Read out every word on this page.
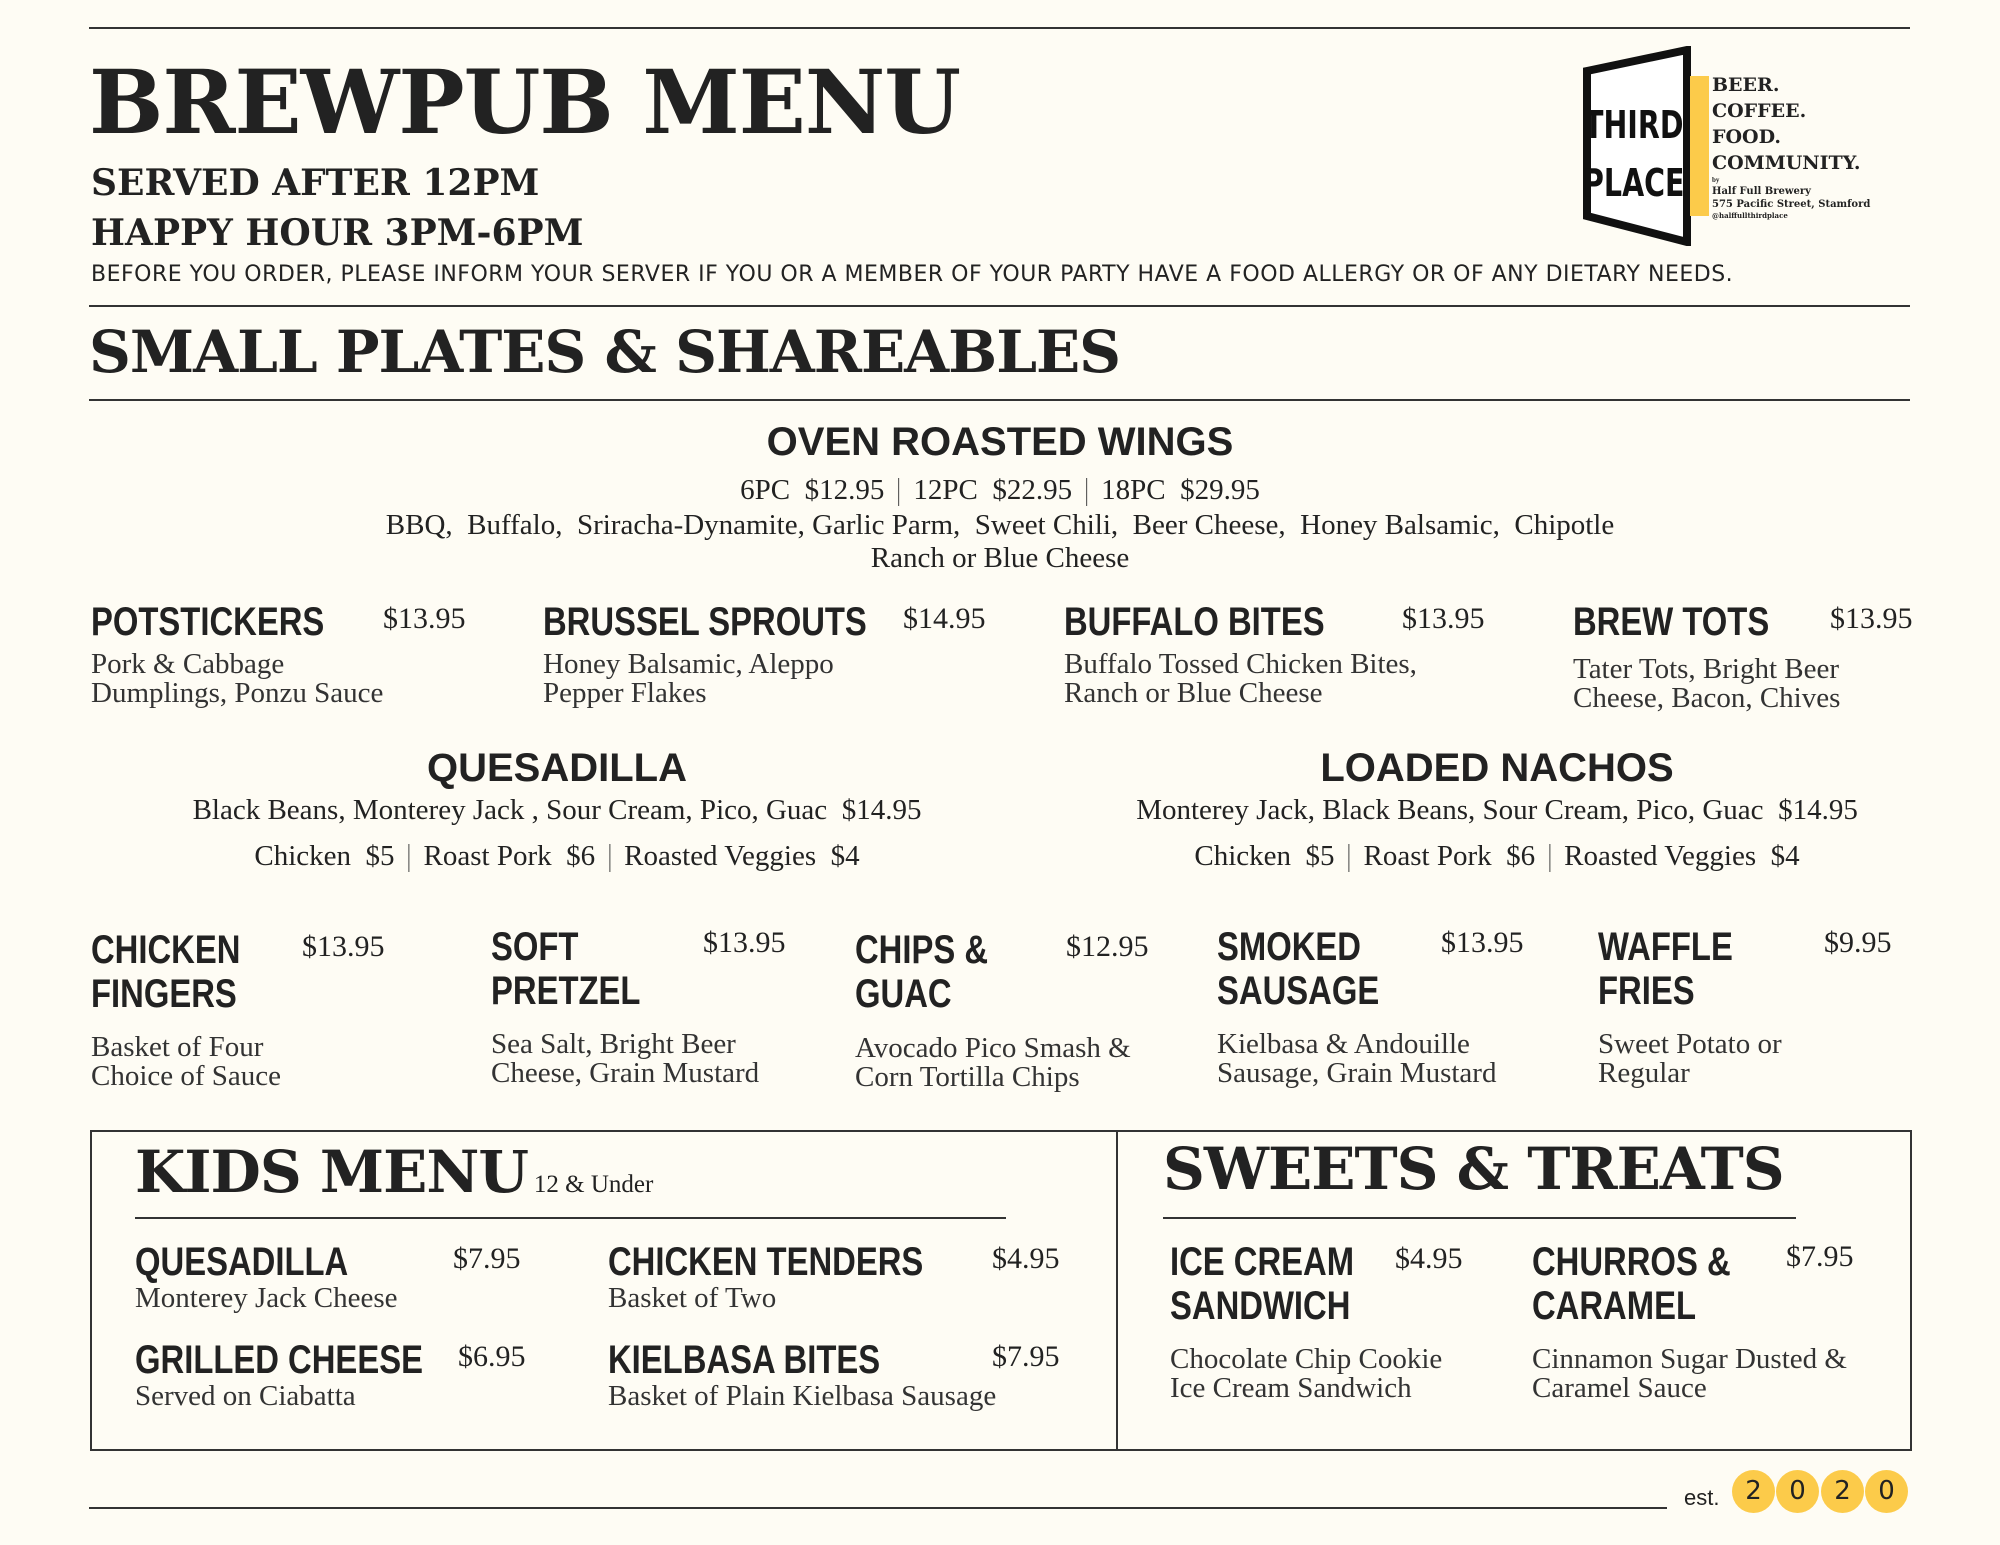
BREWPUB MENU
SERVED AFTER 12PM
HAPPY HOUR 3PM-6PM
BEFORE YOU ORDER, PLEASE INFORM YOUR SERVER IF YOU OR A MEMBER OF YOUR PARTY HAVE A FOOD ALLERGY OR OF ANY DIETARY NEEDS.
THIRD
PLACE
BEER.
COFFEE.
FOOD.
COMMUNITY.
by
Half Full Brewery
575 Pacific Street, Stamford
@halffullthirdplace
SMALL PLATES & SHAREABLES
OVEN ROASTED WINGS
6PC $12.95 12PC $22.95 18PC $29.95
BBQ,  Buffalo,  Sriracha-Dynamite, Garlic Parm,  Sweet Chili,  Beer Cheese,  Honey Balsamic,  Chipotle
Ranch or Blue Cheese
POTSTICKERS $13.95
Pork & Cabbage Dumplings, Ponzu Sauce
BRUSSEL SPROUTS $14.95
Honey Balsamic, Aleppo Pepper Flakes
BUFFALO BITES	$13.95
Buffalo Tossed Chicken Bites, Ranch or Blue Cheese
BREW TOTS $13.95
Tater Tots, Bright Beer Cheese, Bacon, Chives
QUESADILLA
Black Beans, Monterey Jack , Sour Cream, Pico, Guac $14.95
Chicken $5 Roast Pork $6 Roasted Veggies $4
LOADED NACHOS
Monterey Jack, Black Beans, Sour Cream, Pico, Guac $14.95
Chicken $5 Roast Pork $6 Roasted Veggies $4
CHICKEN FINGERS
$13.95
Basket of Four Choice of Sauce
SOFT PRETZEL
$13.95
Sea Salt, Bright Beer Cheese, Grain Mustard
CHIPS & GUAC
$12.95
Avocado Pico Smash & Corn Tortilla Chips
SMOKED SAUSAGE
$13.95
Kielbasa & Andouille Sausage, Grain Mustard
WAFFLE FRIES
$9.95
Sweet Potato or Regular
KIDS MENU 12 & Under
QUESADILLA	$7.95
Monterey Jack Cheese
CHICKEN TENDERS $4.95
Basket of Two
GRILLED CHEESE $6.95
Served on Ciabatta
KIELBASA BITES	$7.95
Basket of Plain Kielbasa Sausage
SWEETS & TREATS
ICE CREAM SANDWICH
$4.95
Chocolate Chip Cookie Ice Cream Sandwich
CHURROS & CARAMEL
$7.95
Cinnamon Sugar Dusted & Caramel Sauce
est. 2	0	2	0
